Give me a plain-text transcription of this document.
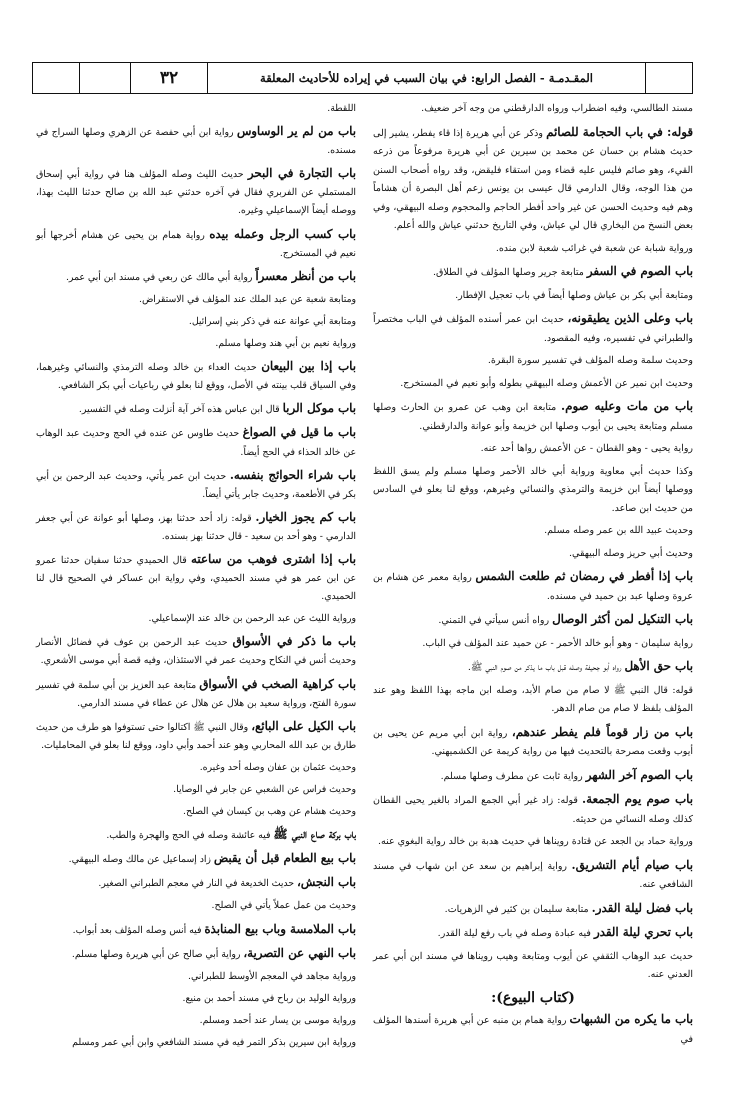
٣٢	المقـدمـة - الفصل الرابع: في بيان السبب في إيراده للأحاديث المعلقة

مسند الطالسي، وفيه اضطراب ورواه الدارقطني من وجه آخر ضعيف.

قوله: في باب الحجامة للصائم وذكر عن أبي هريرة إذا قاء يفطر، يشير إلى حديث هشام بن حسان عن محمد بن سيرين عن أبي هريرة مرفوعاً من ذرعه القيء، وهو صائم فليس عليه قضاء ومن استقاء فليقض، وقد رواه أصحاب السنن من هذا الوجه، وقال الدارمي قال عيسى بن يونس زعم أهل البصرة أن هشاماً وهم فيه وحديث الحسن عن غير واحد أفطر الحاجم والمحجوم وصله البيهقي، وفي بعض النسخ من البخاري قال لي عياش، وفي التاريخ حدثني عياش والله أعلم.

ورواية شبابة عن شعبة في غرائب شعبة لابن منده.

باب الصوم في السفر متابعة جرير وصلها المؤلف في الطلاق.

ومتابعة أبي بكر بن عياش وصلها أيضاً في باب تعجيل الإفطار.

باب وعلى الذين يطيقونه، حديث ابن عمر أسنده المؤلف في الباب مختصراً والطبراني في تفسيره، وفيه المقصود.

وحديث سلمة وصله المؤلف في تفسير سورة البقرة.

وحديث ابن نمير عن الأعمش وصله البيهقي بطوله وأبو نعيم في المستخرج.

باب من مات وعليه صوم. متابعة ابن وهب عن عمرو بن الحارث وصلها مسلم ومتابعة يحيى بن أيوب وصلها ابن خزيمة وأبو عوانة والدارقطني.

رواية يحيى - وهو القطان - عن الأعمش رواها أحد عنه.

وكذا حديث أبي معاوية ورواية أبي خالد الأحمر وصلها مسلم ولم يسق اللفظ ووصلها أيضاً ابن خزيمة والترمذي والنسائي وغيرهم، ووقع لنا بعلو في السادس من حديث ابن صاعد.

وحديث عبيد الله بن عمر وصله مسلم.

وحديث أبي حريز وصله البيهقي.

باب إذا أفطر في رمضان ثم طلعت الشمس رواية معمر عن هشام بن عروة وصلها عبد بن حميد في مسنده.

باب التنكيل لمن أكثر الوصال رواه أنس سيأتي في التمني.

رواية سليمان - وهو أبو خالد الأحمر - عن حميد عند المؤلف في الباب.

باب حق الأهل رواه أبو جحيفة وصله قبل باب ما يذكر من صوم النبي ﷺ.

قوله: قال النبي ﷺ لا صام من صام الأبد، وصله ابن ماجه بهذا اللفظ وهو عند المؤلف بلفظ لا صام من صام الدهر.

باب من زار قوماً فلم يفطر عندهم، رواية ابن أبي مريم عن يحيى بن أيوب وقعت مصرحة بالتحديث فيها من رواية كريمة عن الكشميهني.

باب الصوم آخر الشهر رواية ثابت عن مطرف وصلها مسلم.

باب صوم يوم الجمعة. قوله: زاد غير أبي الجمع المراد بالغير يحيى القطان كذلك وصله النسائي من حديثه.

ورواية حماد بن الجعد عن قتادة رويناها في حديث هدبة بن خالد رواية البغوي عنه.

باب صيام أيام التشريق. رواية إبراهيم بن سعد عن ابن شهاب في مسند الشافعي عنه.

باب فضل ليلة القدر. متابعة سليمان بن كثير في الزهريات.

باب تحري ليلة القدر فيه عبادة وصله في باب رفع ليلة القدر.

حديث عبد الوهاب الثقفي عن أيوب ومتابعة وهيب رويناها في مسند ابن أبي عمر العدني عنه.

(كتاب البيوع):

باب ما يكره من الشبهات رواية همام بن منبه عن أبي هريرة أسندها المؤلف في

اللقطة.

باب من لم ير الوساوس رواية ابن أبي حفصة عن الزهري وصلها السراج في مسنده.

باب التجارة في البحر حديث الليث وصله المؤلف هنا في رواية أبي إسحاق المستملي عن الفربري فقال في آخره حدثني عبد الله بن صالح حدثنا الليث بهذا، ووصله أيضاً الإسماعيلي وغيره.

باب كسب الرجل وعمله بيده رواية همام بن يحيى عن هشام أخرجها أبو نعيم في المستخرج.

باب من أنظر معسراً رواية أبي مالك عن ربعي في مسند ابن أبي عمر.

ومتابعة شعبة عن عبد الملك عند المؤلف في الاستقراض.

ومتابعة أبي عوانة عنه في ذكر بني إسرائيل.

ورواية نعيم بن أبي هند وصلها مسلم.

باب إذا بين البيعان حديث العداء بن خالد وصله الترمذي والنسائي وغيرهما، وفي السياق قلب بينته في الأصل، ووقع لنا بعلو في رباعيات أبي بكر الشافعي.

باب موكل الربا قال ابن عباس هذه آخر آية أنزلت وصله في التفسير.

باب ما قيل في الصواغ حديث طاوس عن عنده في الحج وحديث عبد الوهاب عن خالد الحذاء في الحج أيضاً.

باب شراء الحوائج بنفسه. حديث ابن عمر يأتي، وحديث عبد الرحمن بن أبي بكر في الأطعمة، وحديث جابر يأتي أيضاً.

باب كم يجوز الخيار. قوله: زاد أحد حدثنا بهز، وصلها أبو عوانة عن أبي جعفر الدارمي - وهو أحد بن سعيد - قال حدثنا بهز بسنده.

باب إذا اشترى فوهب من ساعته قال الحميدي حدثنا سفيان حدثنا عمرو عن ابن عمر هو في مسند الحميدي، وفي رواية ابن عساكر في الصحيح قال لنا الحميدي.

ورواية الليث عن عبد الرحمن بن خالد عند الإسماعيلي.

باب ما ذكر في الأسواق حديث عبد الرحمن بن عوف في فضائل الأنصار وحديث أنس في النكاح وحديث عمر في الاستئذان، وفيه قصة أبي موسى الأشعري.

باب كراهية الصخب في الأسواق متابعة عبد العزيز بن أبي سلمة في تفسير سورة الفتح، ورواية سعيد بن هلال عن هلال عن عطاء في مسند الدارمي.

باب الكيل على البائع، وقال النبي ﷺ اكتالوا حتى تستوفوا هو طرف من حديث طارق بن عبد الله المحاربي وهو عند أحمد وأبي داود، ووقع لنا بعلو في المحامليات.

وحديث عثمان بن عفان وصله أحد وغيره.

وحديث فراس عن الشعبي عن جابر في الوصايا.

وحديث هشام عن وهب بن كيسان في الصلح.

باب بركة صاع النبي ﷺ فيه عائشة وصله في الحج والهجرة والطب.

باب بيع الطعام قبل أن يقبض زاد إسماعيل عن مالك وصله البيهقي.

باب النجش، حديث الخديعة في النار في معجم الطبراني الصغير.

وحديث من عمل عملاً يأتي في الصلح.

باب الملامسة وباب بيع المنابذة فيه أنس وصله المؤلف بعد أبواب.

باب النهي عن التصرية، رواية أبي صالح عن أبي هريرة وصلها مسلم.

ورواية مجاهد في المعجم الأوسط للطبراني.

ورواية الوليد بن رباح في مسند أحمد بن منيع.

ورواية موسى بن يسار عند أحمد ومسلم.

ورواية ابن سيرين بذكر التمر فيه في مسند الشافعي وابن أبي عمر ومسلم
